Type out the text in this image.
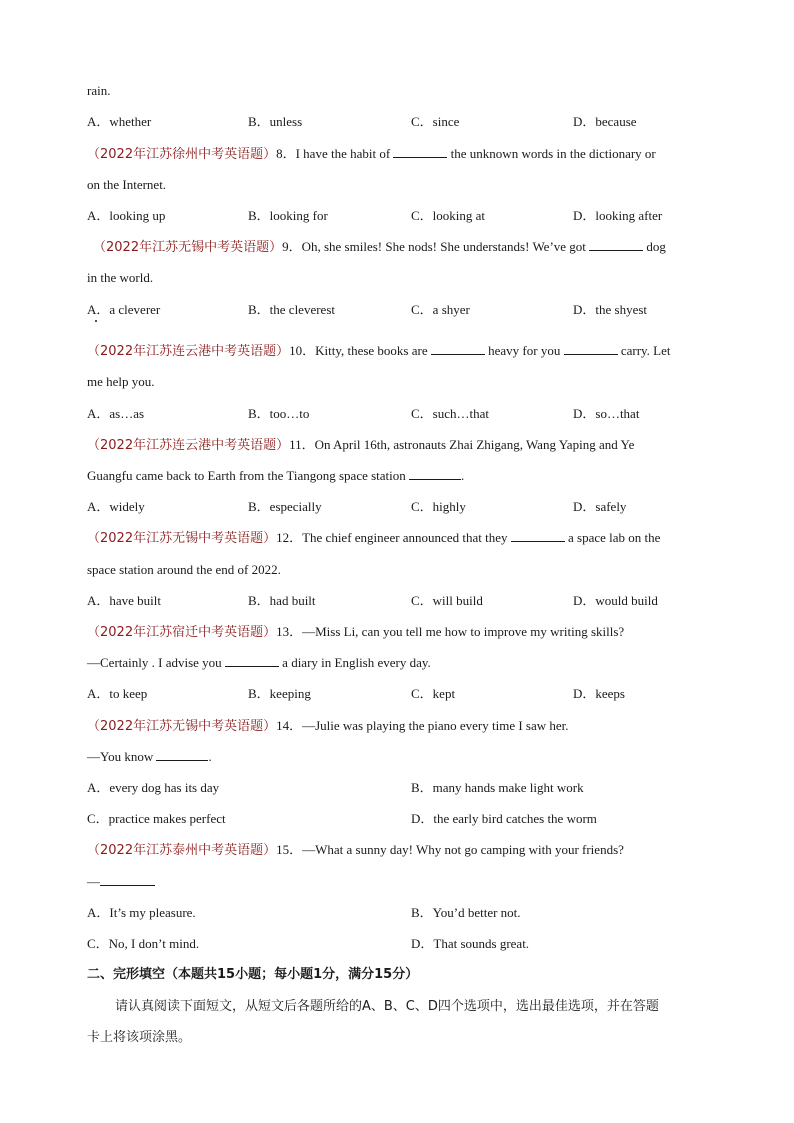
rain.
A．whether	B．unless	C．since	D．because
（2022年江苏徐州中考英语题）8．I have the habit of	the unknown words in the dictionary or
on the Internet.
A．looking up	B．looking for	C．looking at	D．looking after
（2022年江苏无锡中考英语题）9．Oh, she smiles! She nods! She understands! We’ve got	dog
in the world.
A．a cleverer	B．the cleverest	C．a shyer	D．the shyest
（2022年江苏连云港中考英语题）10．Kitty, these books are	heavy for you	carry. Let
me help you.
A．as…as	B．too…to	C．such…that	D．so…that
（2022年江苏连云港中考英语题）11．On April 16th, astronauts Zhai Zhigang, Wang Yaping and Ye
Guangfu came back to Earth from the Tiangong space station	.
A．widely	B．especially	C．highly	D．safely
（2022年江苏无锡中考英语题）12．The chief engineer announced that they	a space lab on the
space station around the end of 2022.
A．have built	B．had built	C．will build	D．would build
（2022年江苏宿迁中考英语题）13．—Miss Li, can you tell me how to improve my writing skills?
—Certainly . I advise you	a diary in English every day.
A．to keep	B．keeping	C．kept	D．keeps
（2022年江苏无锡中考英语题）14．—Julie was playing the piano every time I saw her.
—You know	.
A．every dog has its day	B．many hands make light work
C．practice makes perfect	D．the early bird catches the worm
（2022年江苏泰州中考英语题）15．—What a sunny day! Why not go camping with your friends?
—
A．It’s my pleasure.	B．You’d better not.
C．No, I don’t mind.	D．That sounds great.
二、完形填空（本题共15小题；每小题1分，满分15分）
请认真阅读下面短文，从短文后各题所给的A、B、C、D四个选项中，选出最佳选项，并在答题
卡上将该项涂黑。
